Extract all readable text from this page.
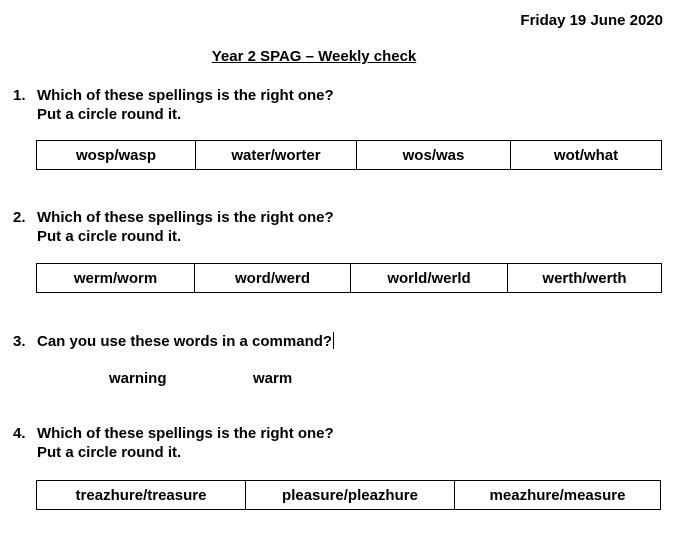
Friday 19 June 2020
Year 2 SPAG – Weekly check
1. Which of these spellings is the right one?
Put a circle round it.
wosp/wasp	water/worter	wos/was	wot/what
2. Which of these spellings is the right one?
Put a circle round it.
werm/worm	word/werd	world/werld	werth/werth
3. Can you use these words in a command?
warning	warm
4. Which of these spellings is the right one?
Put a circle round it.
treazhure/treasure	pleasure/pleazhure	meazhure/measure
